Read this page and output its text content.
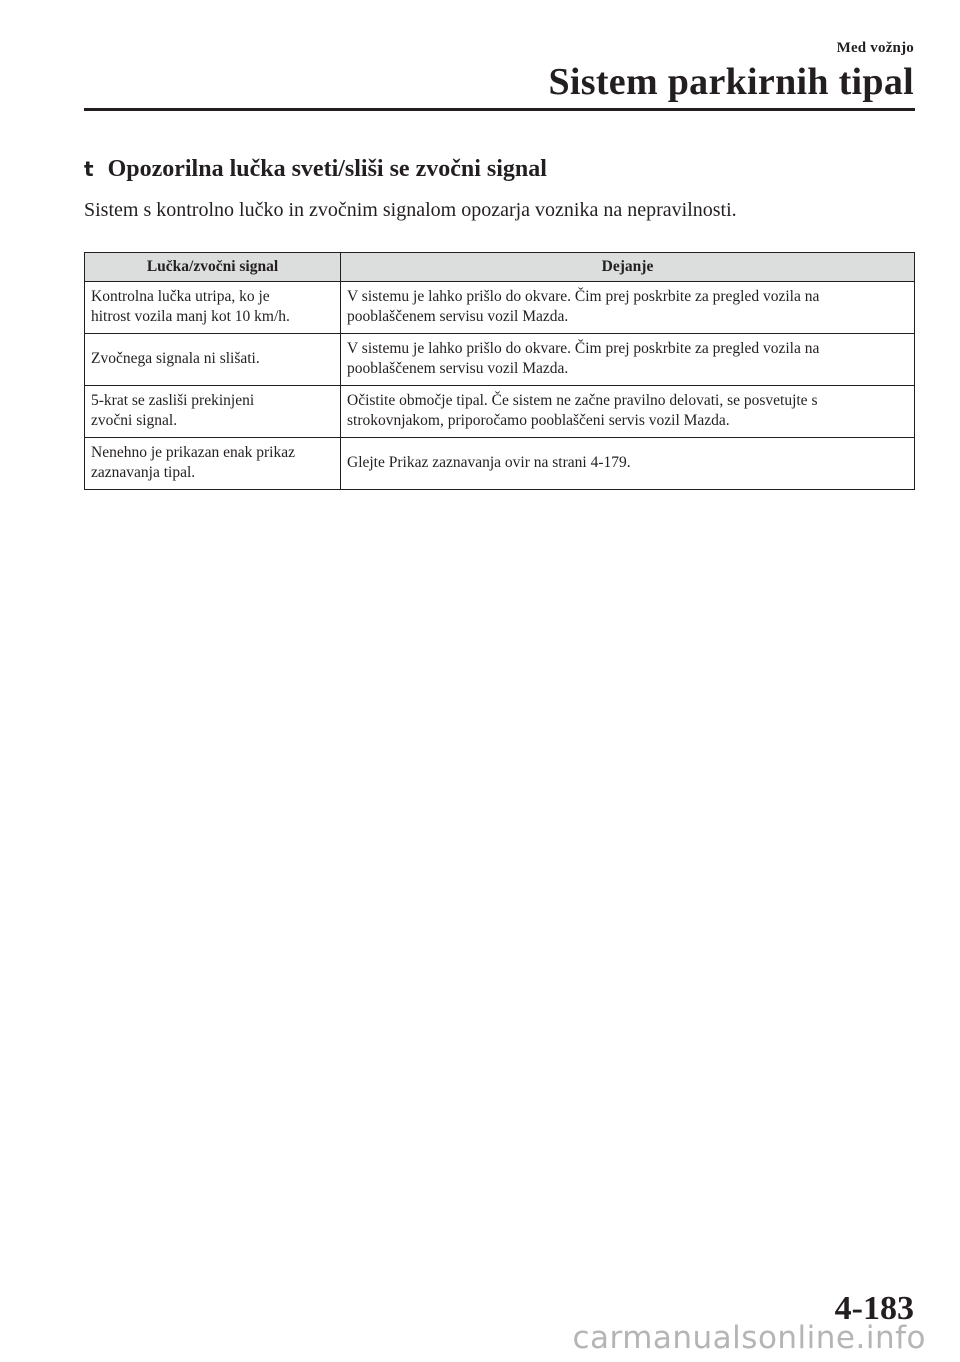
Med vožnjo
Sistem parkirnih tipal
t Opozorilna lučka sveti/sliši se zvočni signal
Sistem s kontrolno lučko in zvočnim signalom opozarja voznika na nepravilnosti.
Lučka/zvočni signal	Dejanje
Kontrolna lučka utripa, ko je
hitrost vozila manj kot 10 km/h.	V sistemu je lahko prišlo do okvare. Čim prej poskrbite za pregled vozila na
pooblaščenem servisu vozil Mazda.
Zvočnega signala ni slišati.	V sistemu je lahko prišlo do okvare. Čim prej poskrbite za pregled vozila na
pooblaščenem servisu vozil Mazda.
5-krat se zasliši prekinjeni
zvočni signal.	Očistite območje tipal. Če sistem ne začne pravilno delovati, se posvetujte s
strokovnjakom, priporočamo pooblaščeni servis vozil Mazda.
Nenehno je prikazan enak prikaz
zaznavanja tipal.	Glejte Prikaz zaznavanja ovir na strani 4-179.
4-183
carmanualsonline.info
